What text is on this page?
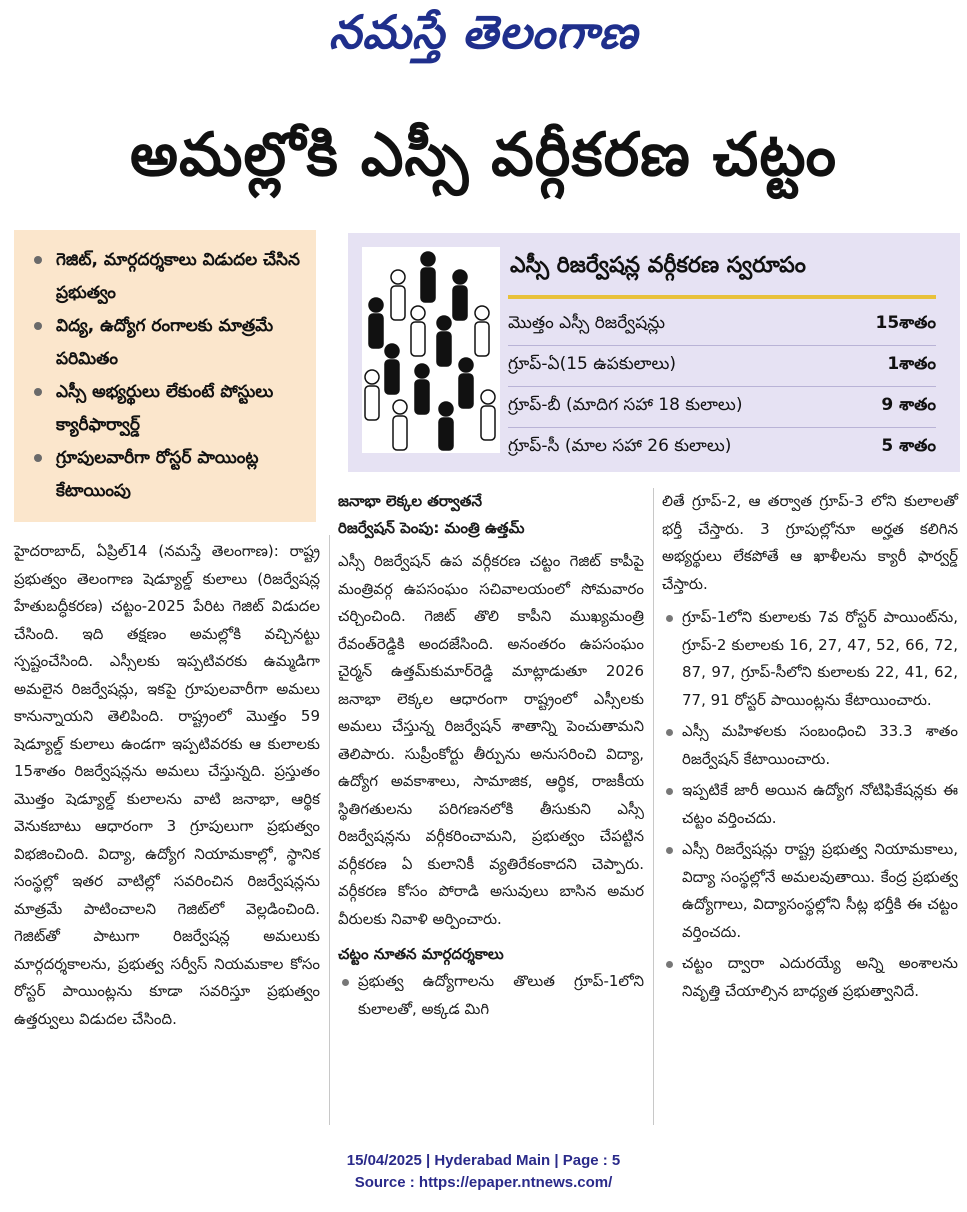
నమస్తే తెలంగాణ
అమల్లోకి ఎస్సీ వర్గీకరణ చట్టం
గెజిట్, మార్గదర్శకాలు విడుదల చేసిన ప్రభుత్వం
విద్య, ఉద్యోగ రంగాలకు మాత్రమే పరిమితం
ఎస్సీ అభ్యర్థులు లేకుంటే పోస్టులు క్యారీఫార్వార్డ్
గ్రూపులవారీగా రోస్టర్ పాయింట్ల కేటాయింపు
ఎస్సీ రిజర్వేషన్ల వర్గీకరణ స్వరూపం
మొత్తం ఎస్సీ రిజర్వేషన్లు	15శాతం
గ్రూప్-ఏ(15 ఉపకులాలు)	1శాతం
గ్రూప్-బీ (మాదిగ సహా 18 కులాలు)	9 శాతం
గ్రూప్-సీ (మాల సహా 26 కులాలు)	5 శాతం

హైదరాబాద్, ఏప్రిల్14 (నమస్తే తెలంగాణ): రాష్ట్ర ప్రభుత్వం తెలంగాణ షెడ్యూల్డ్ కులాలు (రిజర్వేషన్ల హేతుబద్ధీకరణ) చట్టం-2025 పేరిట గెజిట్ విడుదల చేసింది. ఇది తక్షణం అమల్లోకి వచ్చినట్టు స్పష్టంచేసింది. ఎస్సీలకు ఇప్పటివరకు ఉమ్మడిగా అమలైన రిజర్వేషన్లు, ఇకపై గ్రూపులవారీగా అమలు కానున్నాయని తెలిపింది. రాష్ట్రంలో మొత్తం 59 షెడ్యూల్డ్ కులాలు ఉండగా ఇప్పటివరకు ఆ కులాలకు 15శాతం రిజర్వేషన్లను అమలు చేస్తున్నది. ప్రస్తుతం మొత్తం షెడ్యూల్డ్ కులాలను వాటి జనాభా, ఆర్థిక వెనుకబాటు ఆధారంగా 3 గ్రూపులుగా ప్రభుత్వం విభజించింది. విద్యా, ఉద్యోగ నియామకాల్లో, స్థానిక సంస్థల్లో ఇతర వాటిల్లో సవరించిన రిజర్వేషన్లను మాత్రమే పాటించాలని గెజిట్‌లో వెల్లడించింది. గెజిట్‌తో పాటుగా రిజర్వేషన్ల అమలుకు మార్గదర్శకాలను, ప్రభుత్వ సర్వీస్ నియమకాల కోసం రోస్టర్ పాయింట్లను కూడా సవరిస్తూ ప్రభుత్వం ఉత్తర్వులు విడుదల చేసింది.

జనాభా లెక్కల తర్వాతనే

రిజర్వేషన్ పెంపు: మంత్రి ఉత్తమ్

ఎస్సీ రిజర్వేషన్ ఉప వర్గీకరణ చట్టం గెజిట్ కాపీపై మంత్రివర్గ ఉపసంఘం సచివాలయంలో సోమవారం చర్చించింది. గెజిట్ తొలి కాపీని ముఖ్యమంత్రి రేవంత్‌రెడ్డికి అందజేసింది. అనంతరం ఉపసంఘం చైర్మన్ ఉత్తమ్‌కుమార్‌రెడ్డి మాట్లాడుతూ 2026 జనాభా లెక్కల ఆధారంగా రాష్ట్రంలో ఎస్సీలకు అమలు చేస్తున్న రిజర్వేషన్ శాతాన్ని పెంచుతామని తెలిపారు. సుప్రీంకోర్టు తీర్పును అనుసరించి విద్యా, ఉద్యోగ అవకాశాలు, సామాజిక, ఆర్థిక, రాజకీయ స్థితిగతులను పరిగణనలోకి తీసుకుని ఎస్సీ రిజర్వేషన్లను వర్గీకరించామని, ప్రభుత్వం చేపట్టిన వర్గీకరణ ఏ కులానికీ వ్యతిరేకంకాదని చెప్పారు. వర్గీకరణ కోసం పోరాడి అసువులు బాసిన అమర వీరులకు నివాళి అర్పించారు.

చట్టం నూతన మార్గదర్శకాలు

ప్రభుత్వ ఉద్యోగాలను తొలుత గ్రూప్-1లోని కులాలతో, అక్కడ మిగి

లితే గ్రూప్-2, ఆ తర్వాత గ్రూప్-3 లోని కులాలతో భర్తీ చేస్తారు. 3 గ్రూపుల్లోనూ అర్హత కలిగిన అభ్యర్థులు లేకపోతే ఆ ఖాళీలను క్యారీ ఫార్వర్డ్ చేస్తారు.

గ్రూప్-1లోని కులాలకు 7వ రోస్టర్ పాయింట్‌ను, గ్రూప్-2 కులాలకు 16, 27, 47, 52, 66, 72, 87, 97, గ్రూప్-సీలోని కులాలకు 22, 41, 62, 77, 91 రోస్టర్ పాయింట్లను కేటాయించారు.

ఎస్సీ మహిళలకు సంబంధించి 33.3 శాతం రిజర్వేషన్ కేటాయించారు.

ఇప్పటికే జారీ అయిన ఉద్యోగ నోటిఫికేషన్లకు ఈ చట్టం వర్తించదు.

ఎస్సీ రిజర్వేషన్లు రాష్ట్ర ప్రభుత్వ నియామకాలు, విద్యా సంస్థల్లోనే అమలవుతాయి. కేంద్ర ప్రభుత్వ ఉద్యోగాలు, విద్యాసంస్థల్లోని సీట్ల భర్తీకి ఈ చట్టం వర్తించదు.

చట్టం ద్వారా ఎదురయ్యే అన్ని అంశాలను నివృత్తి చేయాల్సిన బాధ్యత ప్రభుత్వానిదే.

15/04/2025 | Hyderabad Main | Page : 5
Source : https://epaper.ntnews.com/
